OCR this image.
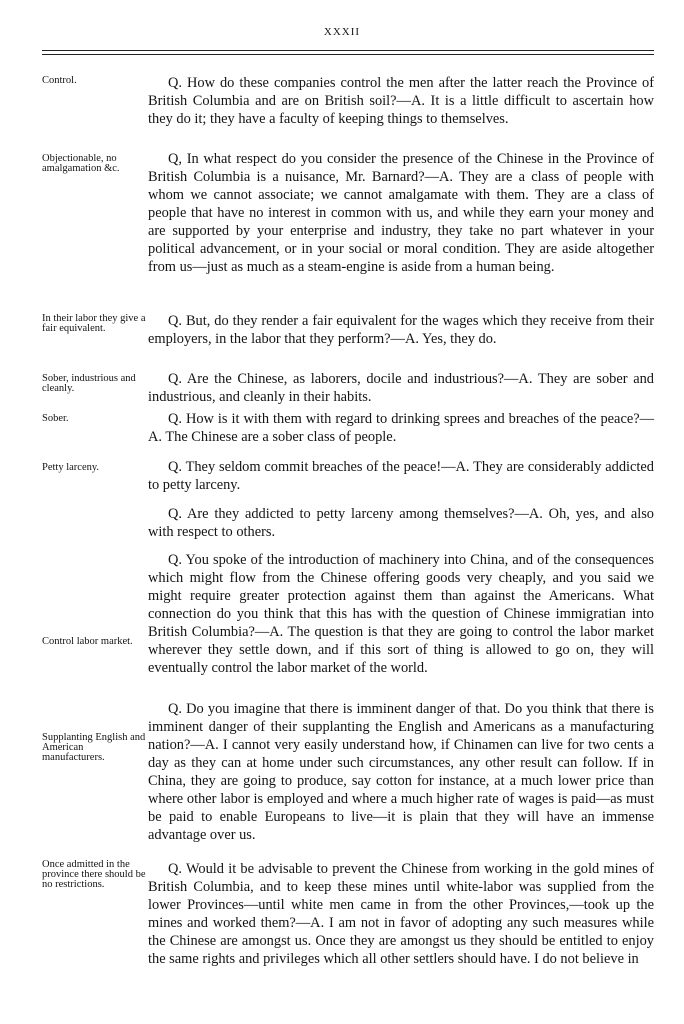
XXXII

Control.	Q. How do these companies control the men after the latter reach the Province of British Columbia and are on British soil?—A. It is a little difficult to ascertain how they do it; they have a faculty of keeping things to themselves.

Objectionable, no amalgamation &c.

Q, In what respect do you consider the presence of the Chinese in the Province of British Columbia is a nuisance, Mr. Barnard?—A. They are a class of people with whom we cannot associate; we cannot amalgamate with them. They are a class of people that have no interest in common with us, and while they earn your money and are supported by your enterprise and industry, they take no part whatever in your political advancement, or in your social or moral condition. They are aside altogether from us—just as much as a steam-engine is aside from a human being.

In their labor they give a fair equivalent.	Q. But, do they render a fair equivalent for the wages which they receive from their employers, in the labor that they perform?—A. Yes, they do.

Sober, industrious and cleanly.

Q. Are the Chinese, as laborers, docile and industrious?—A. They are sober and industrious, and cleanly in their habits.

Sober.	Q. How is it with them with regard to drinking sprees and breaches of the peace?—A. The Chinese are a sober class of people.

Petty larceny.	Q. They seldom commit breaches of the peace!—A. They are considerably addicted to petty larceny.

Q. Are they addicted to petty larceny among themselves?—A. Oh, yes, and also with respect to others.

Control labor market.

Q. You spoke of the introduction of machinery into China, and of the consequences which might flow from the Chinese offering goods very cheaply, and you said we might require greater protection against them than against the Americans. What connection do you think that this has with the question of Chinese immigratian into British Columbia?—A. The question is that they are going to control the labor market wherever they settle down, and if this sort of thing is allowed to go on, they will eventually control the labor market of the world.

Supplanting English and American manufacturers.

Q. Do you imagine that there is imminent danger of that. Do you think that there is imminent danger of their supplanting the English and Americans as a manufacturing nation?—A. I cannot very easily understand how, if Chinamen can live for two cents a day as they can at home under such circumstances, any other result can follow. If in China, they are going to produce, say cotton for instance, at a much lower price than where other labor is employed and where a much higher rate of wages is paid—as must be paid to enable Europeans to live—it is plain that they will have an immense advantage over us.

Once admitted in the province there should be no restrictions.

Q. Would it be advisable to prevent the Chinese from working in the gold mines of British Columbia, and to keep these mines until white-labor was supplied from the lower Provinces—until white men came in from the other Provinces,—took up the mines and worked them?—A. I am not in favor of adopting any such measures while the Chinese are amongst us. Once they are amongst us they should be entitled to enjoy the same rights and privileges which all other settlers should have. I do not believe in
